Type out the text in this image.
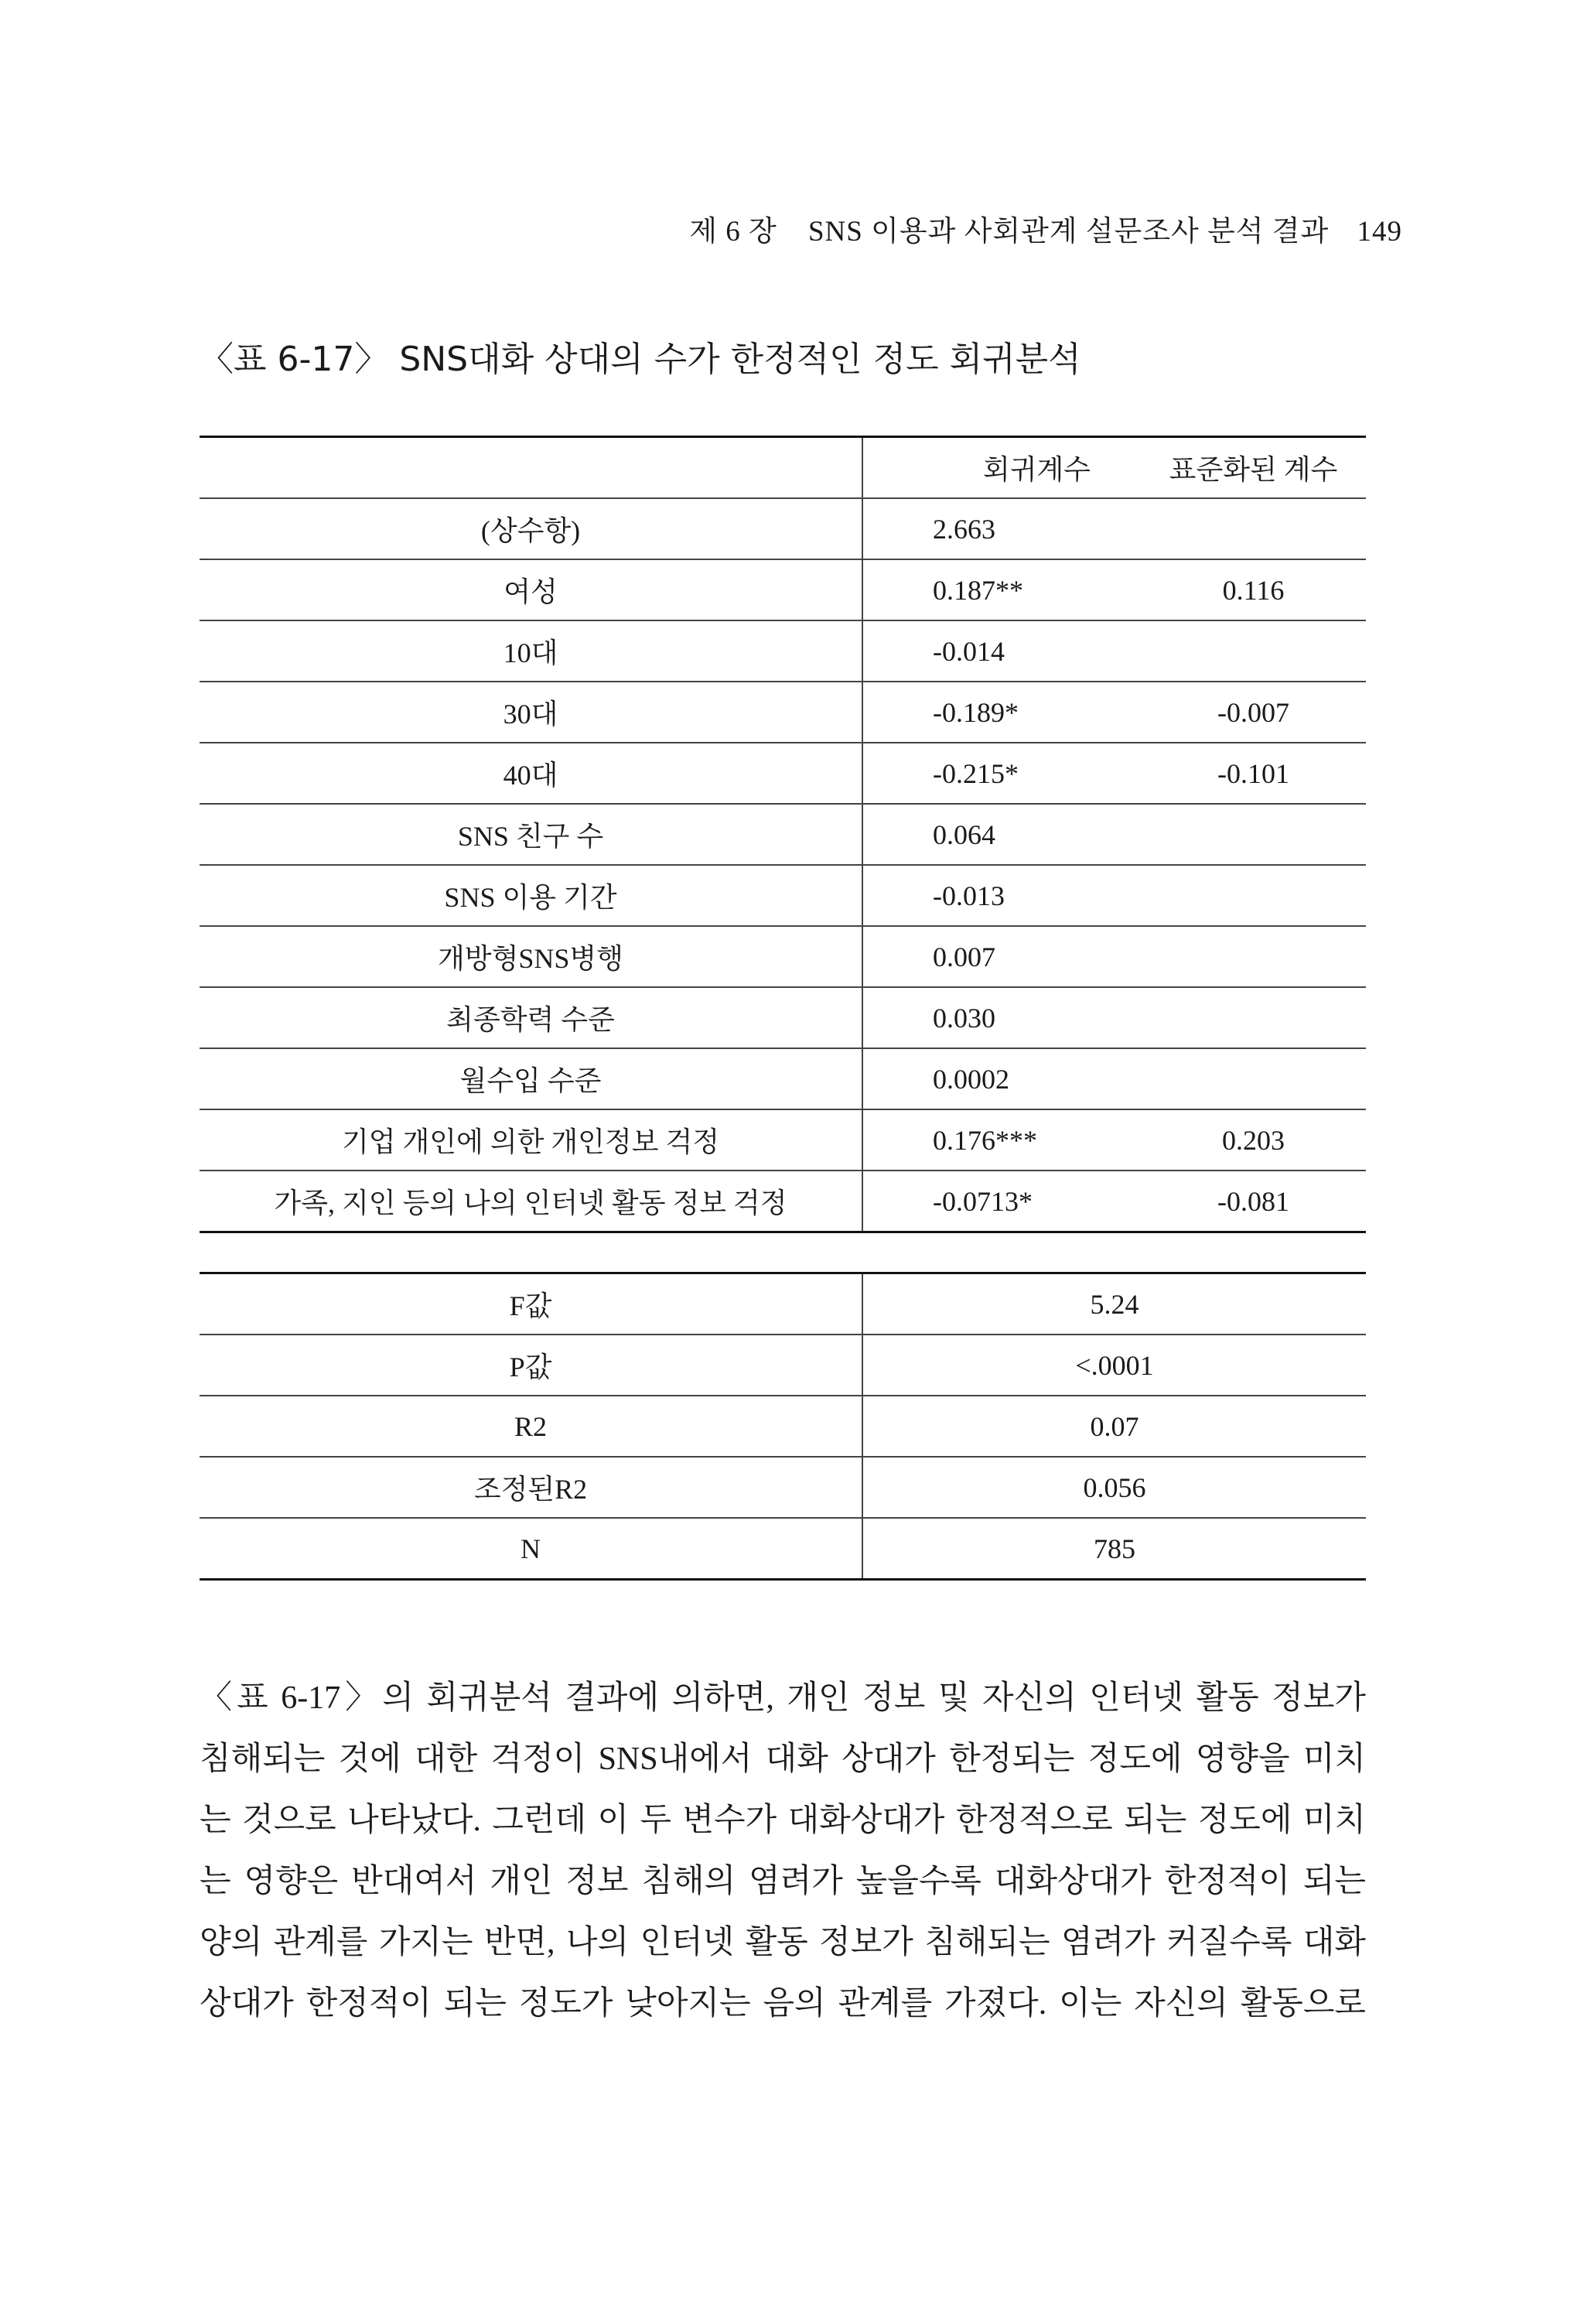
제 6 장 SNS 이용과 사회관계 설문조사 분석 결과 149
〈표 6-17〉 SNS대화 상대의 수가 한정적인 정도 회귀분석
	회귀계수	표준화된 계수
(상수항)	2.663	
여성	0.187**	0.116
10대	-0.014	
30대	-0.189*	-0.007
40대	-0.215*	-0.101
SNS 친구 수	0.064	
SNS 이용 기간	-0.013	
개방형SNS병행	0.007	
최종학력 수준	0.030	
월수입 수준	0.0002	
기업 개인에 의한 개인정보 걱정	0.176***	0.203
가족, 지인 등의 나의 인터넷 활동 정보 걱정	-0.0713*	-0.081
F값	5.24
P값	<.0001
R2	0.07
조정된R2	0.056
N	785

〈표 6-17〉의 회귀분석 결과에 의하면, 개인 정보 및 자신의 인터넷 활동 정보가

침해되는 것에 대한 걱정이 SNS내에서 대화 상대가 한정되는 정도에 영향을 미치

는 것으로 나타났다. 그런데 이 두 변수가 대화상대가 한정적으로 되는 정도에 미치

는 영향은 반대여서 개인 정보 침해의 염려가 높을수록 대화상대가 한정적이 되는

양의 관계를 가지는 반면, 나의 인터넷 활동 정보가 침해되는 염려가 커질수록 대화

상대가 한정적이 되는 정도가 낮아지는 음의 관계를 가졌다. 이는 자신의 활동으로
